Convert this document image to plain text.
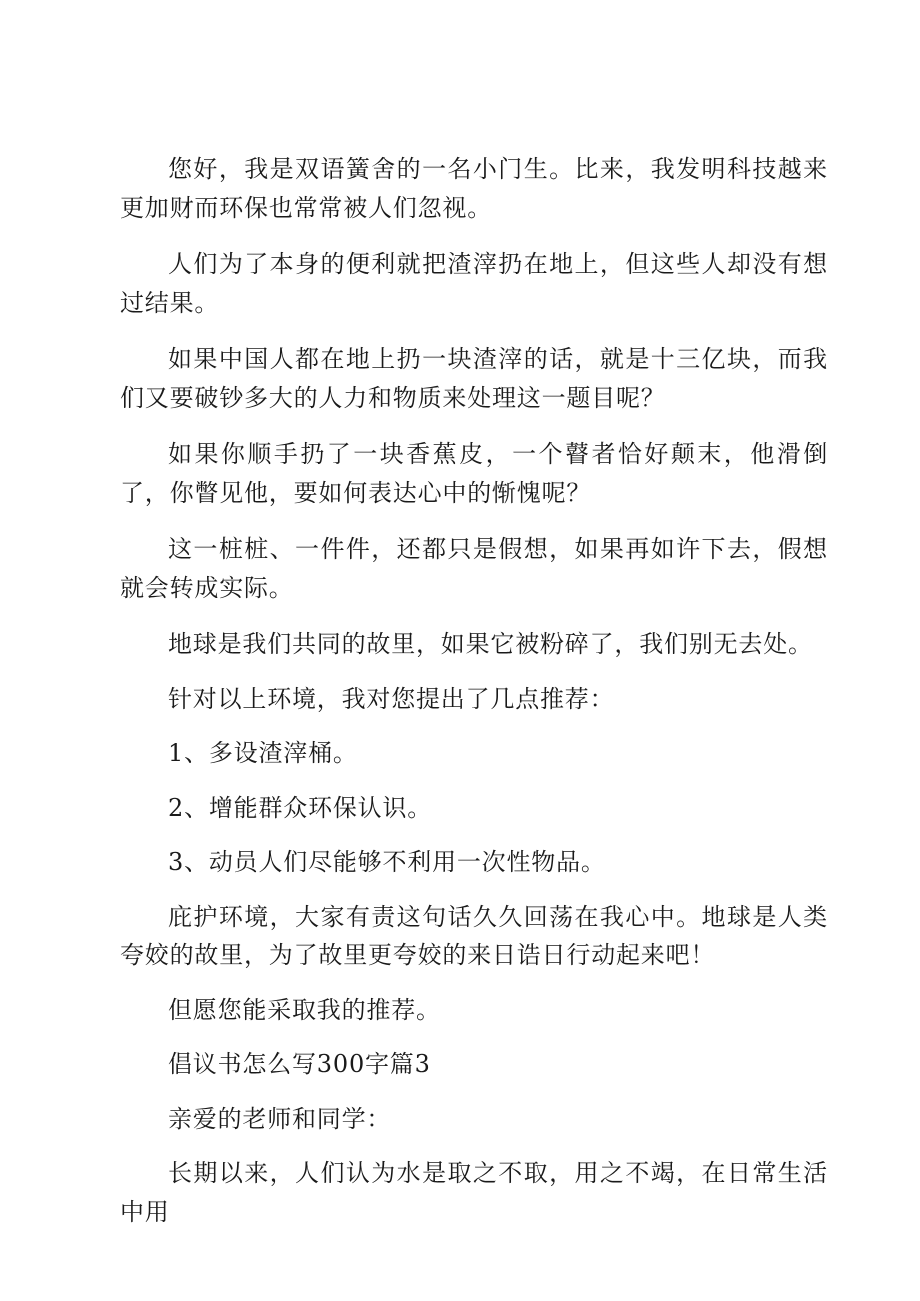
您好，我是双语簧舍的一名小门生。比来，我发明科技越来更加财而环保也常常被人们忽视。

人们为了本身的便利就把渣滓扔在地上，但这些人却没有想过结果。

如果中国人都在地上扔一块渣滓的话，就是十三亿块，而我们又要破钞多大的人力和物质来处理这一题目呢？

如果你顺手扔了一块香蕉皮，一个瞽者恰好颠末，他滑倒了，你瞥见他，要如何表达心中的惭愧呢？

这一桩桩、一件件，还都只是假想，如果再如许下去，假想就会转成实际。

地球是我们共同的故里，如果它被粉碎了，我们别无去处。

针对以上环境，我对您提出了几点推荐：

1、多设渣滓桶。

2、增能群众环保认识。

3、动员人们尽能够不利用一次性物品。

庇护环境，大家有责这句话久久回荡在我心中。地球是人类夸姣的故里，为了故里更夸姣的来日诰日行动起来吧！

但愿您能采取我的推荐。

倡议书怎么写300字篇3

亲爱的老师和同学：

长期以来，人们认为水是取之不取，用之不竭，在日常生活中用
